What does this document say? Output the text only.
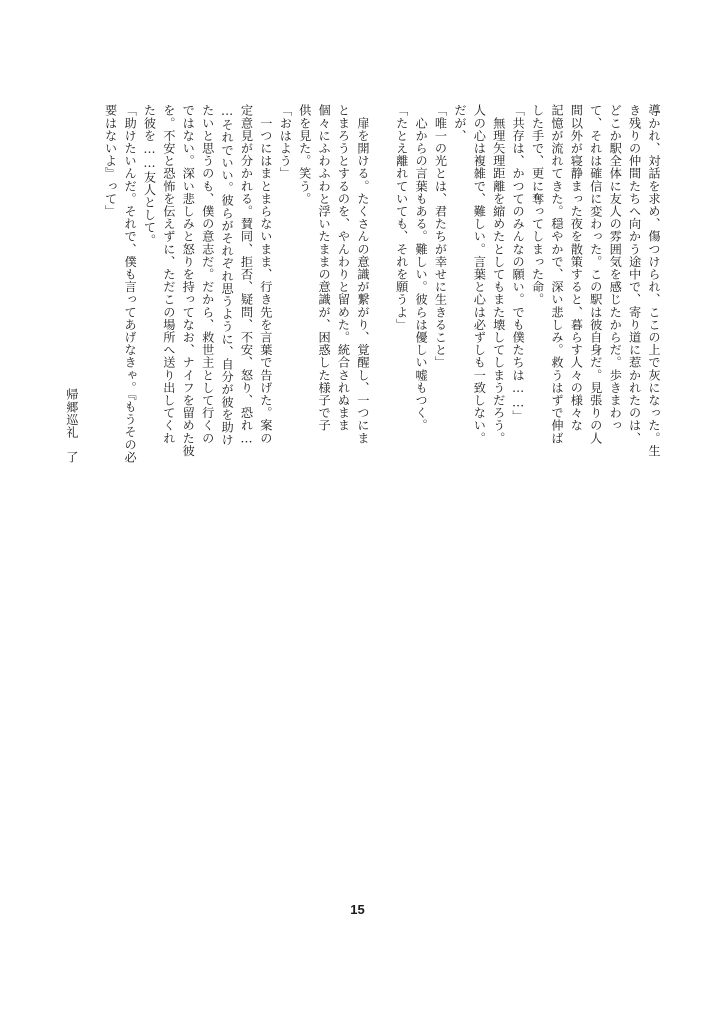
導かれ、対話を求め、傷つけられ、ここの上で灰になった。生
き残りの仲間たちへ向かう途中で、寄り道に惹かれたのは、
どこか駅全体に友人の雰囲気を感じたからだ。歩きまわっ
て、それは確信に変わった。この駅は彼自身だ。見張りの人
間以外が寝静まった夜を散策すると、暮らす人々の様々な
記憶が流れてきた。穏やかで、深い悲しみ。救うはずで伸ば
した手で、更に奪ってしまった命。
「共存は、かつてのみんなの願い。でも僕たちは……」
　無理矢理距離を縮めたとしてもまた壊してしまうだろう。
人の心は複雑で、難しい。言葉と心は必ずしも一致しない。
だが、
「唯一の光とは、君たちが幸せに生きること」
　心からの言葉もある。難しい。彼らは優しい嘘もつく。
「たとえ離れていても、それを願うよ」
　扉を開ける。たくさんの意識が繋がり、覚醒し、一つにま
とまろうとするのを、やんわりと留めた。統合されぬまま
個々にふわふわと浮いたままの意識が、困惑した様子で子
供を見た。笑う。
「おはよう」
　一つにはまとまらないまま、行き先を言葉で告げた。案の
定意見が分かれる。賛同、拒否、疑問、不安、怒り、恐れ…
…それでいい。彼らがそれぞれ思うように、自分が彼を助け
たいと思うのも、僕の意志だ。だから、救世主として行くの
ではない。深い悲しみと怒りを持ってなお、ナイフを留めた彼
を。不安と恐怖を伝えずに、ただこの場所へ送り出してくれ
た彼を……友人として。
「助けたいんだ。それで、僕も言ってあげなきゃ。『もうその必
要はないよ』って」
帰郷巡礼　了
15
